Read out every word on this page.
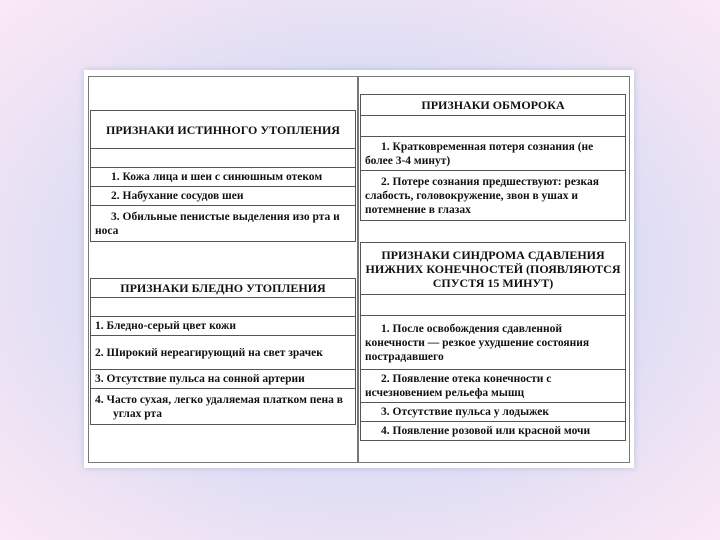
ПРИЗНАКИ ИСТИННОГО УТОПЛЕНИЯ

1. Кожа лица и шеи с синюшным отеком
2. Набухание сосудов шеи
3. Обильные пенистые выделения изо рта и носа
ПРИЗНАКИ БЛЕДНО УТОПЛЕНИЯ

1. Бледно-серый цвет кожи
2. Широкий нереагирующий на свет зрачек
3. Отсутствие пульса на сонной артерии
4. Часто сухая, легко удаляемая платком пена в углах рта
ПРИЗНАКИ ОБМОРОКА

1. Кратковременная потеря сознания (не более 3-4 минут)
2. Потере сознания предшествуют: резкая слабость, головокружение, звон в ушах и потемнение в глазах
ПРИЗНАКИ СИНДРОМА СДАВЛЕНИЯ НИЖНИХ КОНЕЧНОСТЕЙ (ПОЯВЛЯЮТСЯ СПУСТЯ 15 МИНУТ)

1. После освобождения сдавленной конечности — резкое ухудшение состояния пострадавшего
2. Появление отека конечности с исчезновением рельефа мышц
3. Отсутствие пульса у лодыжек
4. Появление розовой или красной мочи
